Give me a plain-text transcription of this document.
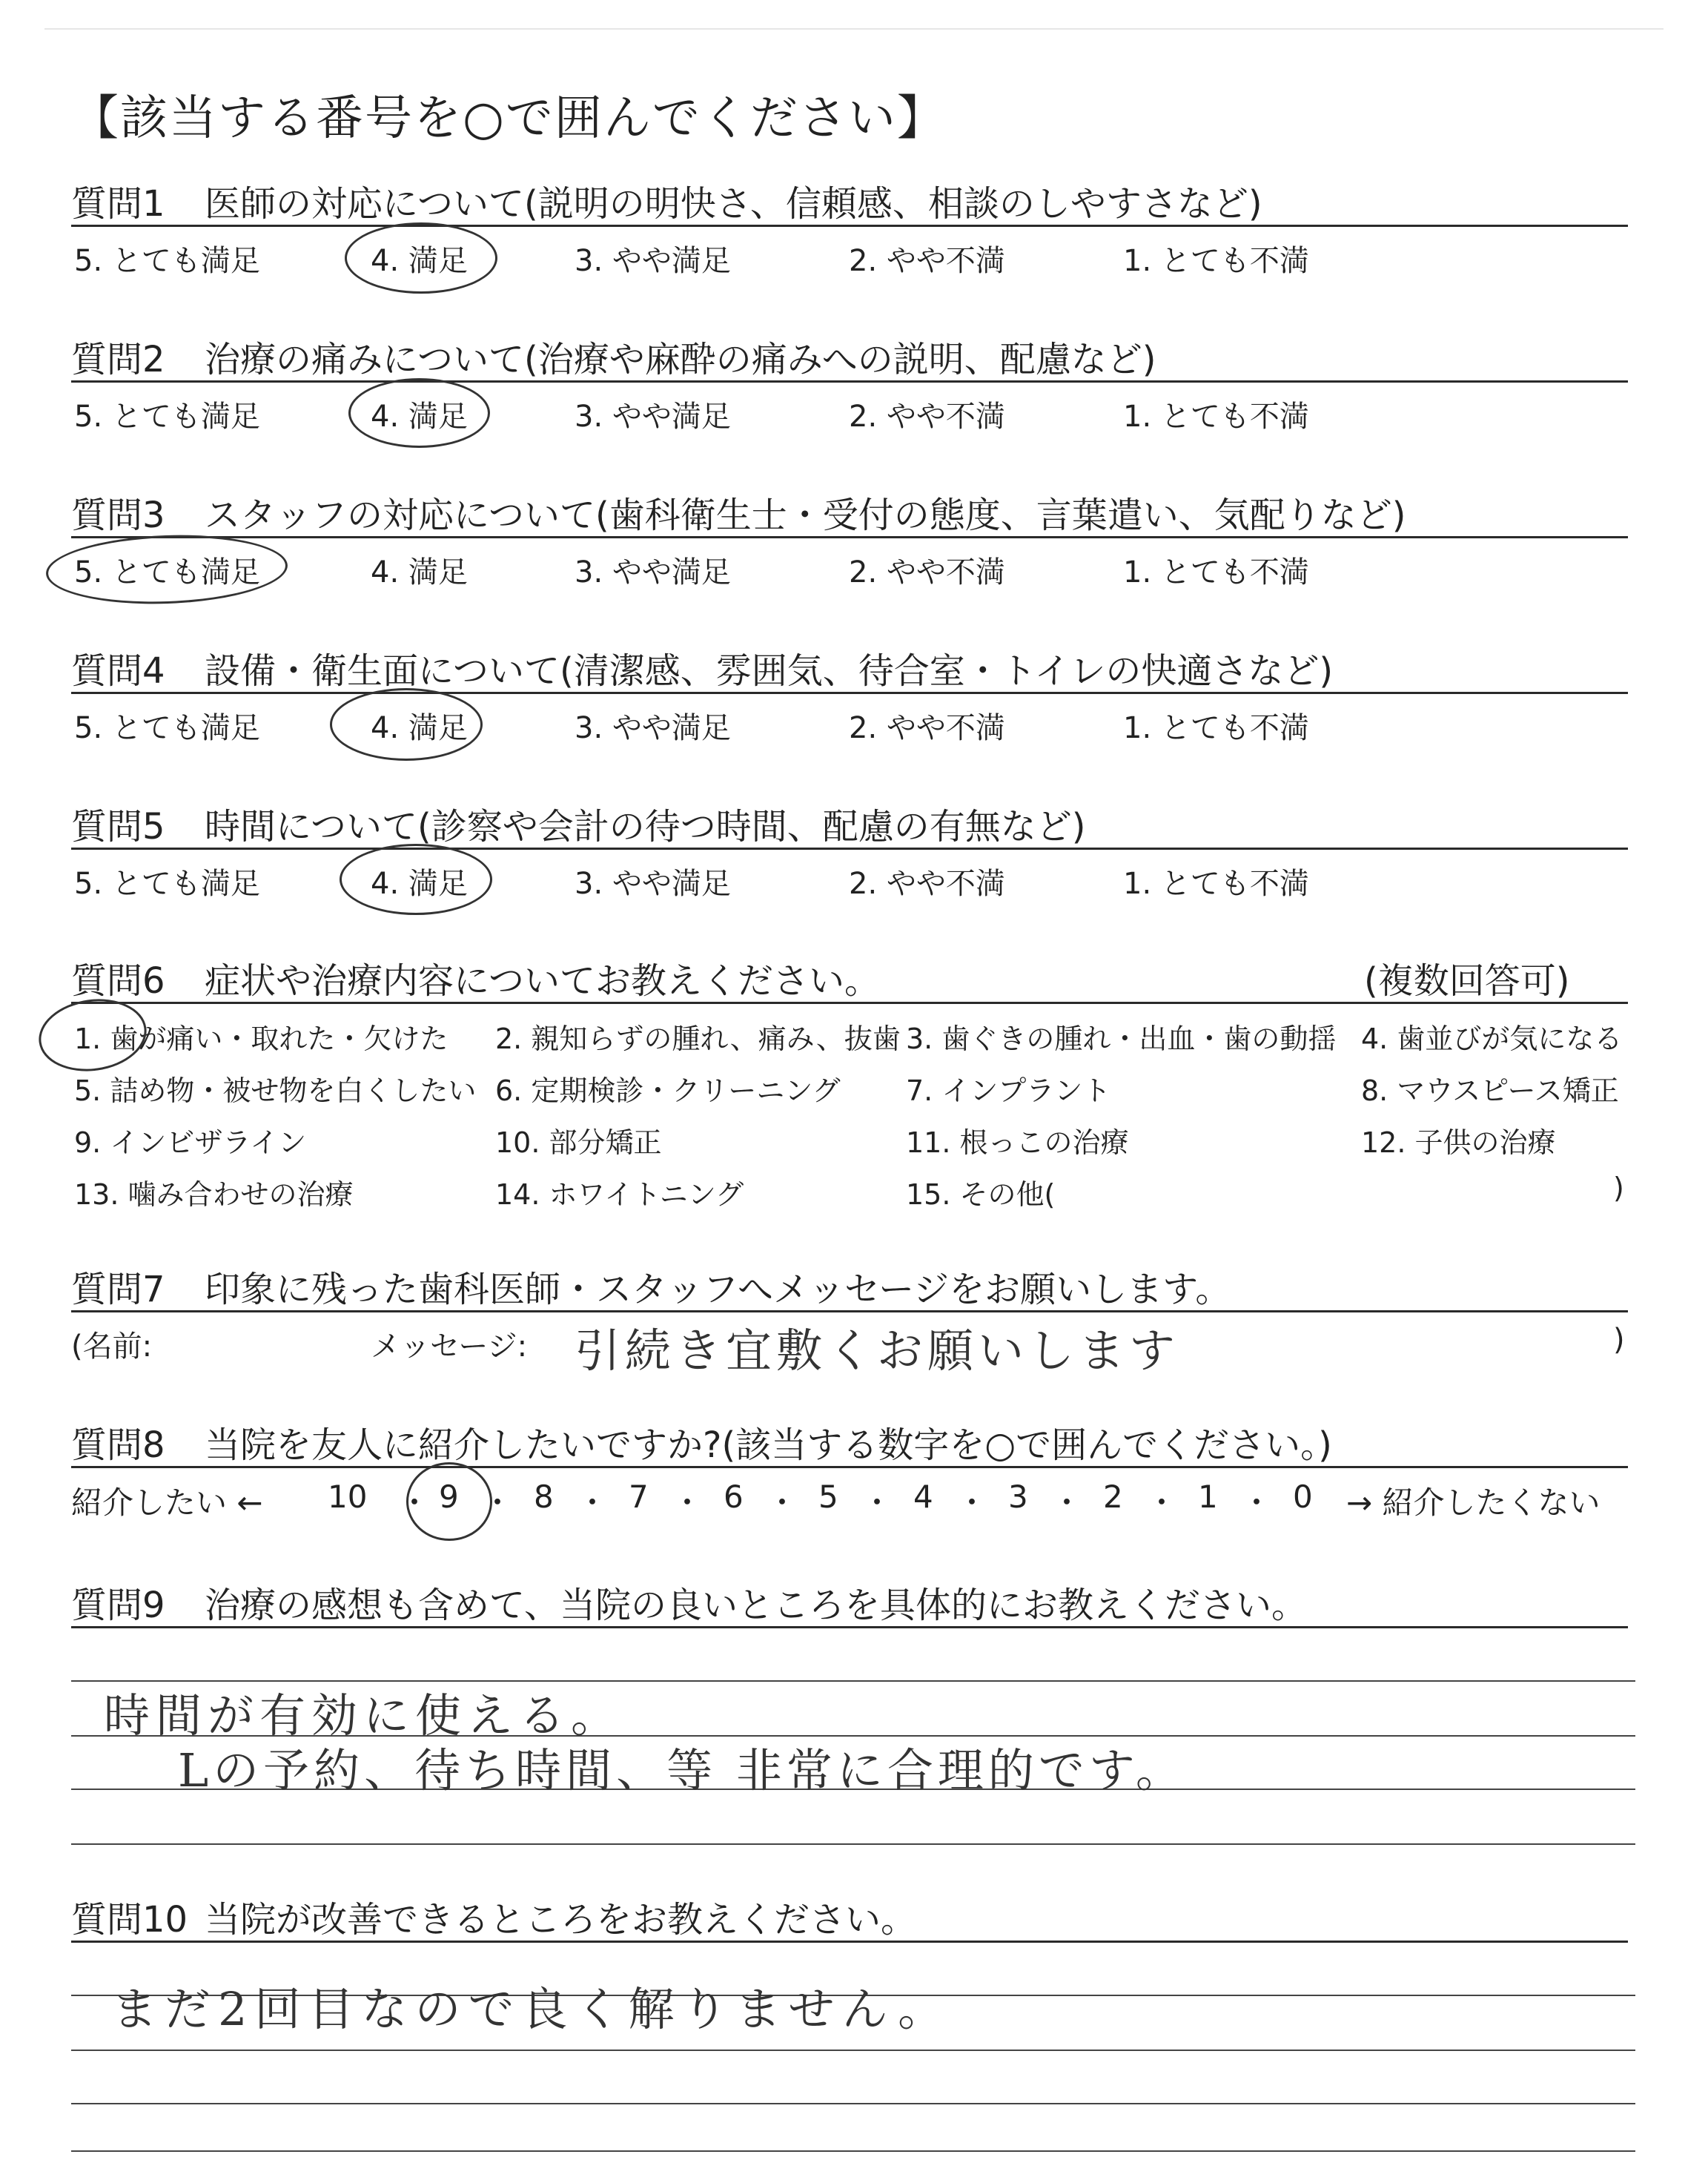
【該当する番号を○で囲んでください】
質問1 医師の対応について(説明の明快さ、信頼感、相談のしやすさなど)
5. とても満足	4. 満足	3. やや満足	2. やや不満	1. とても不満
質問2 治療の痛みについて(治療や麻酔の痛みへの説明、配慮など)
5. とても満足	4. 満足	3. やや満足	2. やや不満	1. とても不満
質問3 スタッフの対応について(歯科衛生士・受付の態度、言葉遣い、気配りなど)
5. とても満足	4. 満足	3. やや満足	2. やや不満	1. とても不満
質問4 設備・衛生面について(清潔感、雰囲気、待合室・トイレの快適さなど)
5. とても満足	4. 満足	3. やや満足	2. やや不満	1. とても不満
質問5 時間について(診察や会計の待つ時間、配慮の有無など)
5. とても満足	4. 満足	3. やや満足	2. やや不満	1. とても不満
質問6 症状や治療内容についてお教えください。	(複数回答可)
1. 歯が痛い・取れた・欠けた 2. 親知らずの腫れ、痛み、抜歯 3. 歯ぐきの腫れ・出血・歯の動揺 4. 歯並びが気になる
5. 詰め物・被せ物を白くしたい 6. 定期検診・クリーニング 7. インプラント	8. マウスピース矯正
9. インビザライン	10. 部分矯正	11. 根っこの治療	12. 子供の治療
13. 噛み合わせの治療	14. ホワイトニング	15. その他(	)
質問7 印象に残った歯科医師・スタッフへメッセージをお願いします。
(名前:	メッセージ: 引続き宜敷くお願いします	)
質問8 当院を友人に紹介したいですか?(該当する数字を○で囲んでください。)
紹介したい ← 10 ・ 9 ・ 8 ・ 7 ・ 6 ・ 5 ・ 4 ・ 3 ・ 2 ・ 1 ・ 0 → 紹介したくない
質問9 治療の感想も含めて、当院の良いところを具体的にお教えください。
時間が有効に使える。
Lの予約、待ち時間、等 非常に合理的です。
質問10 当院が改善できるところをお教えください。
まだ2回目なので良く解りません。
